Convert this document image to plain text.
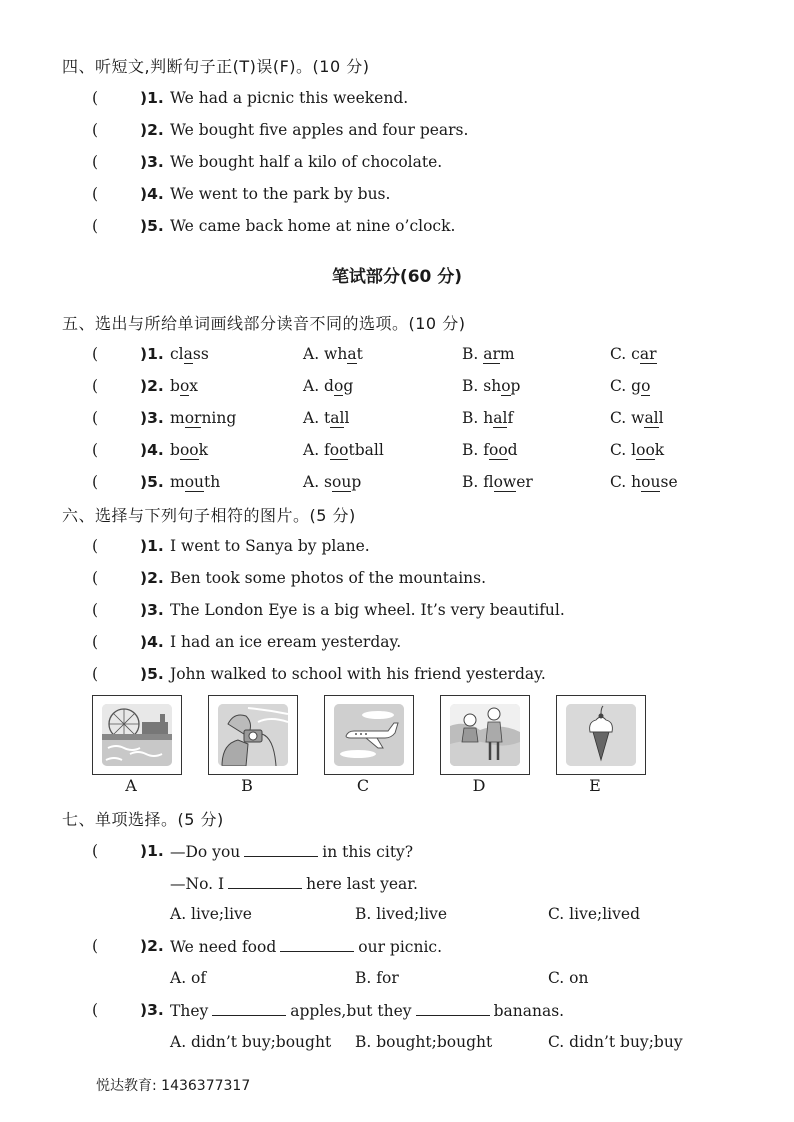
四、听短文,判断句子正(T)误(F)。(10 分)
(	)1. We had a picnic this weekend.
(	)2. We bought five apples and four pears.
(	)3. We bought half a kilo of chocolate.
(	)4. We went to the park by bus.
(	)5. We came back home at nine o’clock.
笔试部分(60 分)
五、选出与所给单词画线部分读音不同的选项。(10 分)
(	)1. class	A. what	B. arm	C. car
(	)2. box	A. dog	B. shop	C. go
(	)3. morning	A. tall	B. half	C. wall
(	)4. book	A. football	B. food	C. look
(	)5. mouth	A. soup	B. flower	C. house
六、选择与下列句子相符的图片。(5 分)
(	)1. I went to Sanya by plane.
(	)2. Ben took some photos of the mountains.
(	)3. The London Eye is a big wheel. It’s very beautiful.
(	)4. I had an ice eream yesterday.
(	)5. John walked to school with his friend yesterday.
A	B	C	D	E
七、单项选择。(5 分)
(	)1. —Do you	in this city?
—No. I	here last year.
A. live;live	B. lived;live	C. live;lived
(	)2. We need food	our picnic.
A. of	B. for	C. on
(	)3. They	apples,but they	bananas.
A. didn’t buy;bought B. bought;bought	C. didn’t buy;buy
悦达教育: 1436377317
